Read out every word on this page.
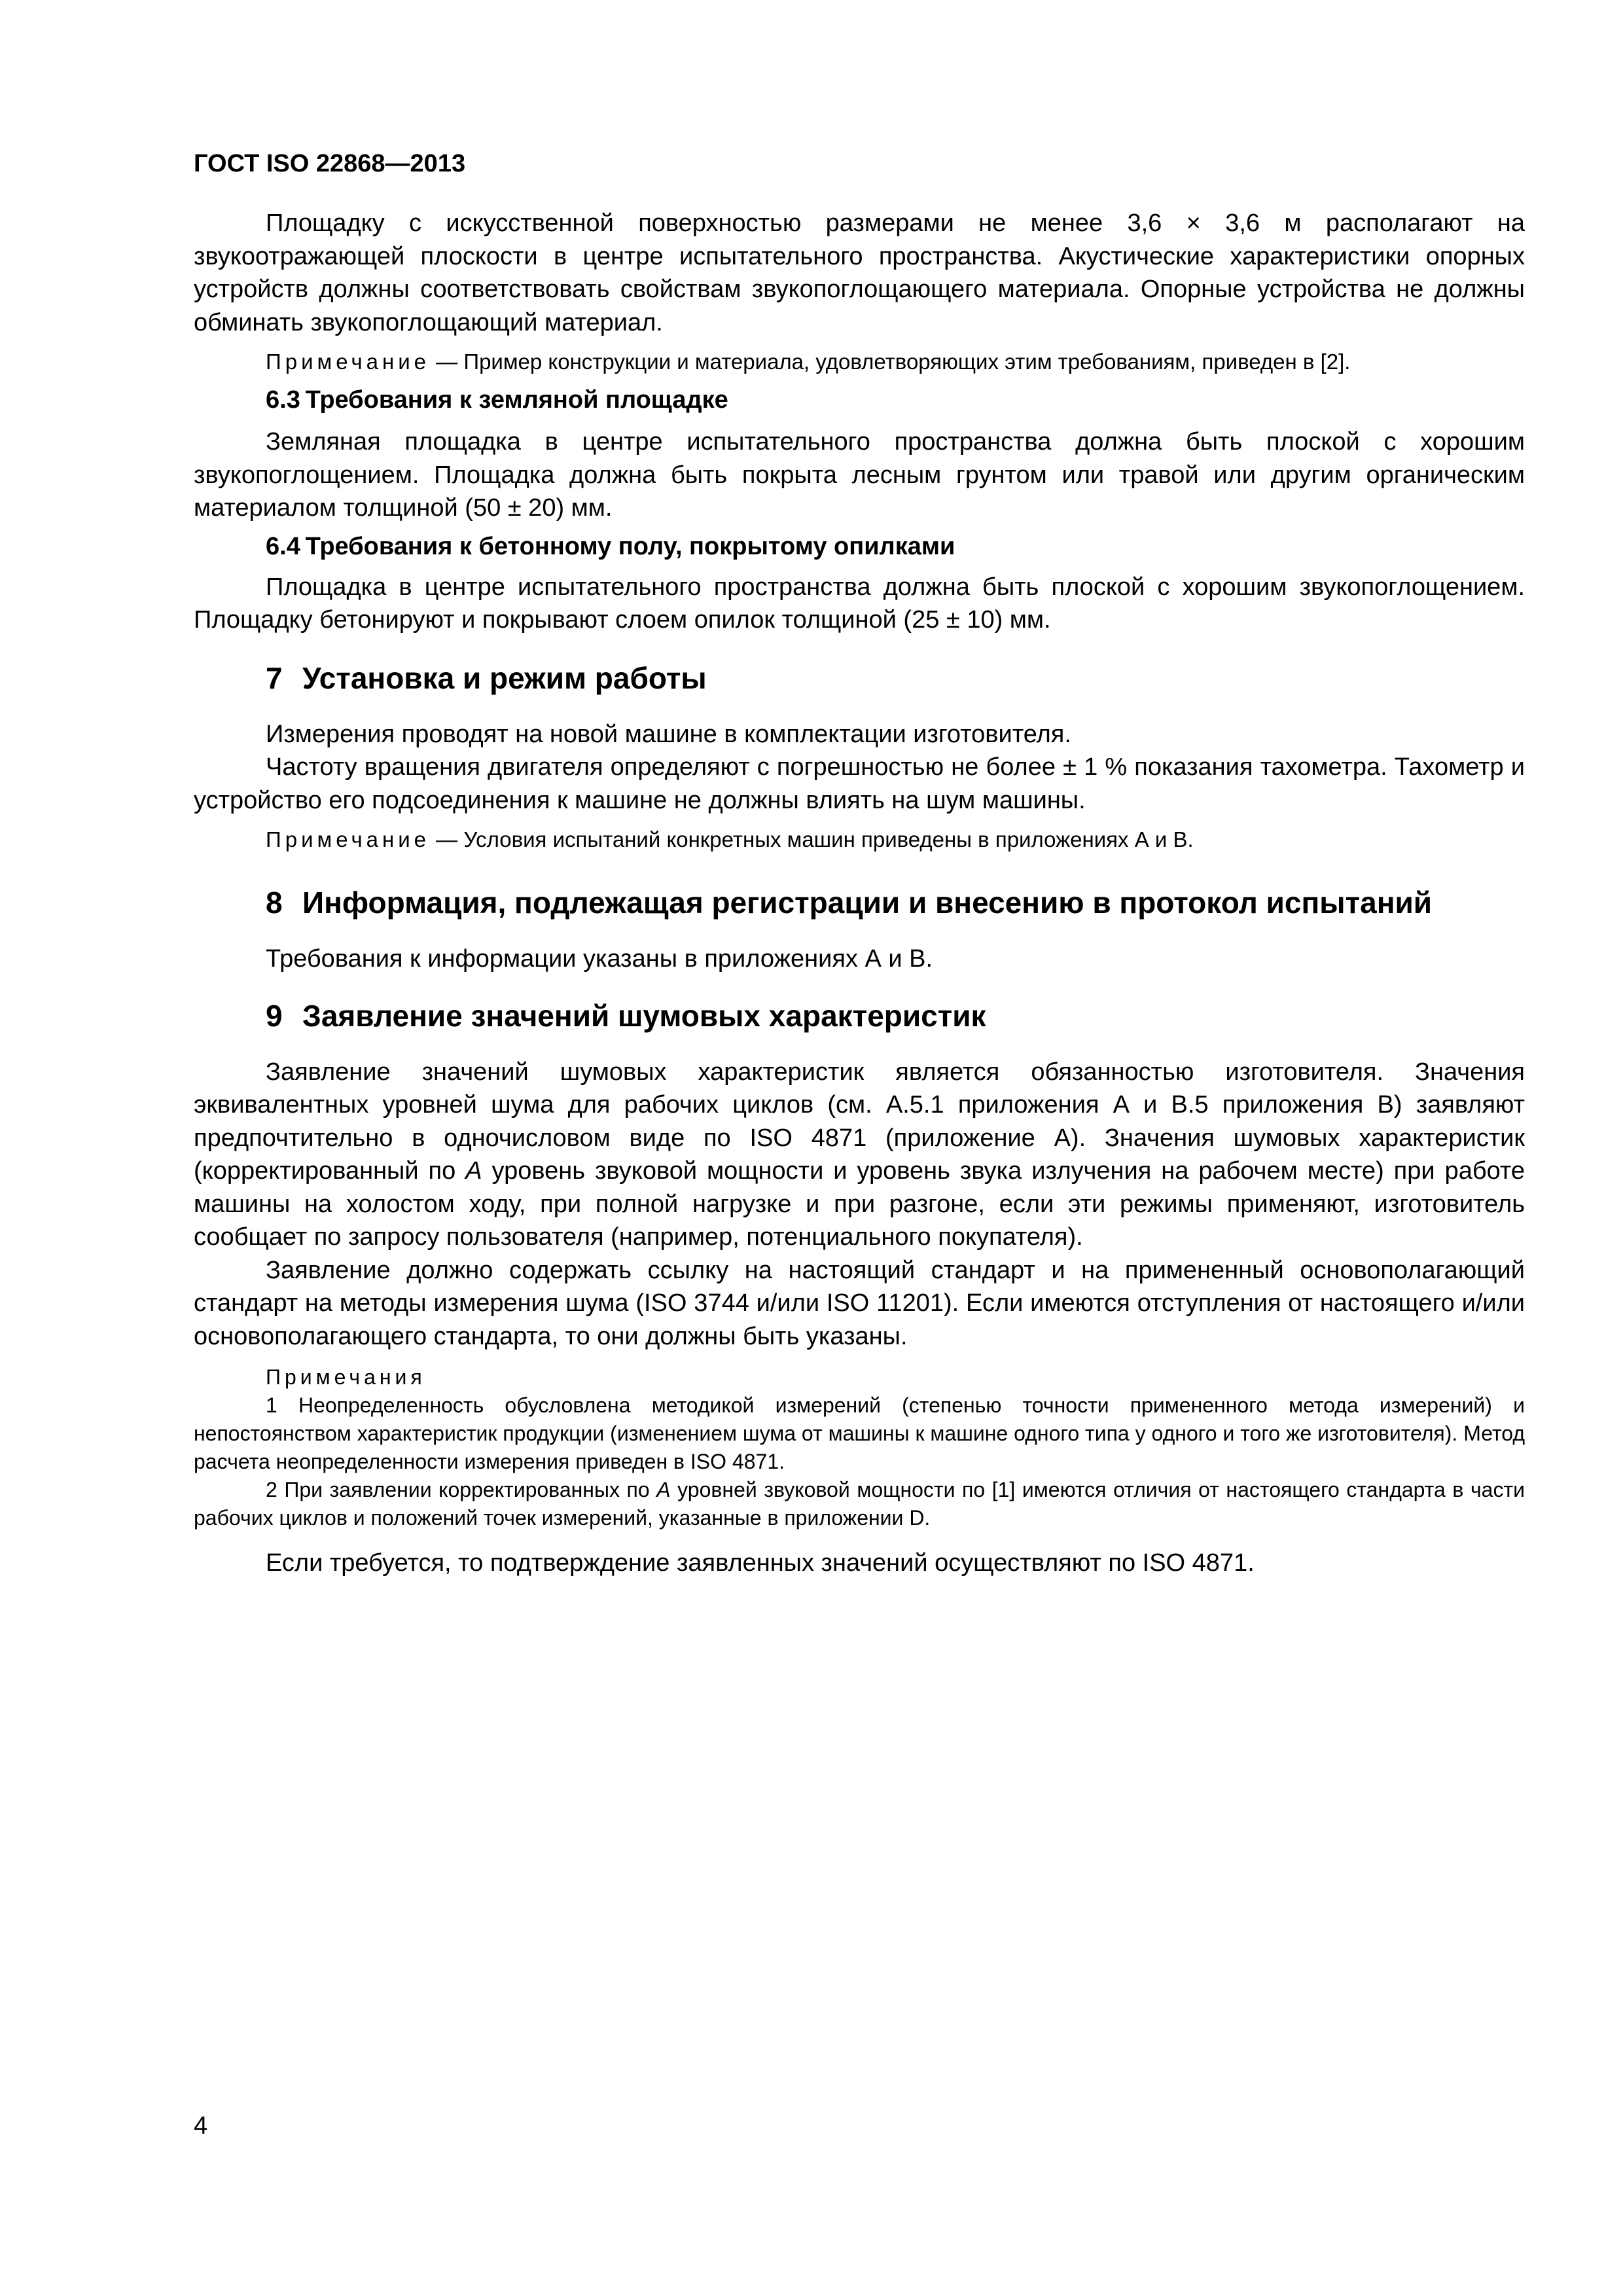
ГОСТ ISO 22868—2013

Площадку с искусственной поверхностью размерами не менее 3,6 × 3,6 м располагают на звукоотражающей плоскости в центре испытательного пространства. Акустические характеристики опорных устройств должны соответствовать свойствам звукопоглощающего материала. Опорные устройства не должны обминать звукопоглощающий материал.

Примечание — Пример конструкции и материала, удовлетворяющих этим требованиям, приведен в [2].

6.3 Требования к земляной площадке

Земляная площадка в центре испытательного пространства должна быть плоской с хорошим звукопоглощением. Площадка должна быть покрыта лесным грунтом или травой или другим органическим материалом толщиной (50 ± 20) мм.

6.4 Требования к бетонному полу, покрытому опилками

Площадка в центре испытательного пространства должна быть плоской с хорошим звукопоглощением. Площадку бетонируют и покрывают слоем опилок толщиной (25 ± 10) мм.

7 Установка и режим работы

Измерения проводят на новой машине в комплектации изготовителя.

Частоту вращения двигателя определяют с погрешностью не более ± 1 % показания тахометра. Тахометр и устройство его подсоединения к машине не должны влиять на шум машины.

Примечание — Условия испытаний конкретных машин приведены в приложениях А и В.

8 Информация, подлежащая регистрации и внесению в протокол испытаний

Требования к информации указаны в приложениях А и В.

9 Заявление значений шумовых характеристик

Заявление значений шумовых характеристик является обязанностью изготовителя. Значения эквивалентных уровней шума для рабочих циклов (см. А.5.1 приложения А и В.5 приложения В) заявляют предпочтительно в одночисловом виде по ISO 4871 (приложение А). Значения шумовых характеристик (корректированный по А уровень звуковой мощности и уровень звука излучения на рабочем месте) при работе машины на холостом ходу, при полной нагрузке и при разгоне, если эти режимы применяют, изготовитель сообщает по запросу пользователя (например, потенциального покупателя).

Заявление должно содержать ссылку на настоящий стандарт и на примененный основополагающий стандарт на методы измерения шума (ISO 3744 и/или ISO 11201). Если имеются отступления от настоящего и/или основополагающего стандарта, то они должны быть указаны.

Примечания

1 Неопределенность обусловлена методикой измерений (степенью точности примененного метода измерений) и непостоянством характеристик продукции (изменением шума от машины к машине одного типа у одного и того же изготовителя). Метод расчета неопределенности измерения приведен в ISO 4871.

2 При заявлении корректированных по А уровней звуковой мощности по [1] имеются отличия от настоящего стандарта в части рабочих циклов и положений точек измерений, указанные в приложении D.

Если требуется, то подтверждение заявленных значений осуществляют по ISO 4871.

4
